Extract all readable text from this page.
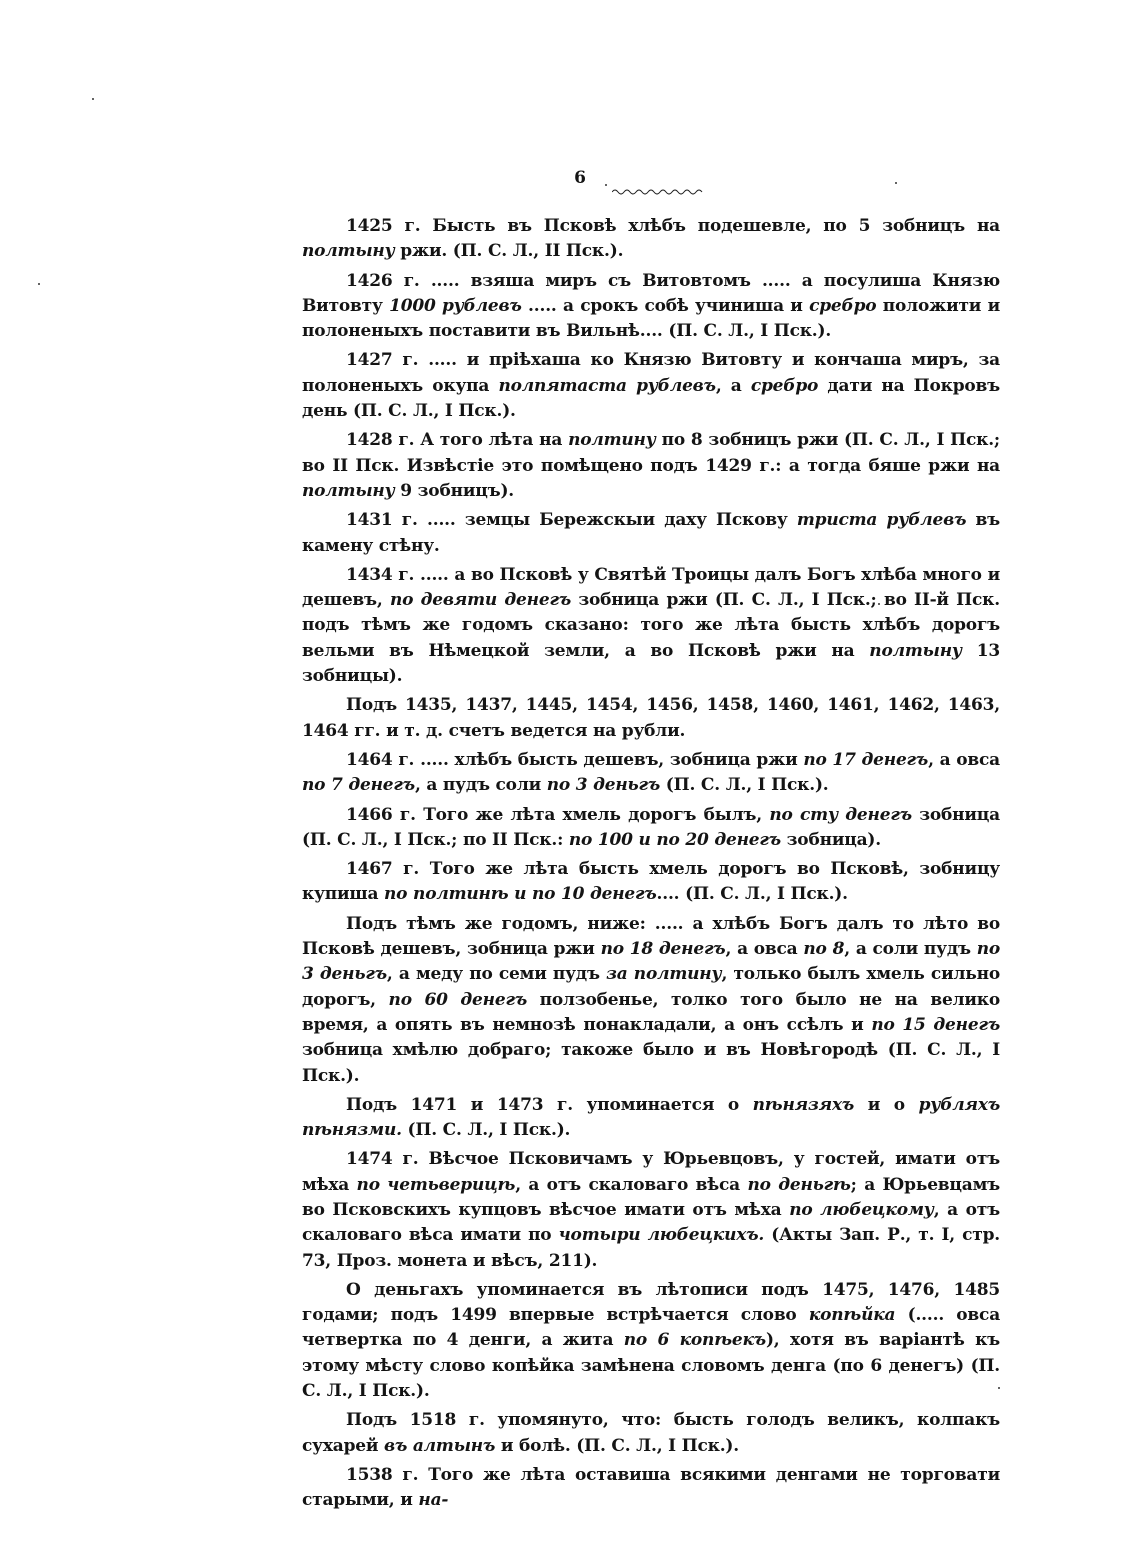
6

1425 г. Бысть въ Псковѣ хлѣбъ подешевле, по 5 зобницъ на полтыну ржи. (П. С. Л., II Пск.).

1426 г. ..... взяша миръ съ Витовтомъ ..... а посулиша Князю Витовту 1000 рублевъ ..... а срокъ собѣ учиниша и сребро положити и полоненыхъ поставити въ Вильнѣ.... (П. С. Л., I Пск.).

1427 г. ..... и пріѣхаша ко Князю Витовту и кончаша миръ, за полоненыхъ окупа полпятаста рублевъ, а сребро дати на Покровъ день (П. С. Л., I Пск.).

1428 г. А того лѣта на полтину по 8 зобницъ ржи (П. С. Л., I Пск.; во II Пск. Извѣстіе это помѣщено подъ 1429 г.: а тогда бяше ржи на полтыну 9 зобницъ).

1431 г. ..... земцы Бережскыи даху Пскову триста рублевъ въ камену стѣну.

1434 г. ..... а во Псковѣ у Святѣй Троицы далъ Богъ хлѣба много и дешевъ, по девяти денегъ зобница ржи (П. С. Л., I Пск.; во II-й Пск. подъ тѣмъ же годомъ сказано: того же лѣта бысть хлѣбъ дорогъ вельми въ Нѣмецкой земли, а во Псковѣ ржи на полтыну 13 зобницы).

Подъ 1435, 1437, 1445, 1454, 1456, 1458, 1460, 1461, 1462, 1463, 1464 гг. и т. д. счетъ ведется на рубли.

1464 г. ..... хлѣбъ бысть дешевъ, зобница ржи по 17 денегъ, а овса по 7 денегъ, а пудъ соли по 3 деньгъ (П. С. Л., I Пск.).

1466 г. Того же лѣта хмель дорогъ былъ, по сту денегъ зобница (П. С. Л., I Пск.; по II Пск.: по 100 и по 20 денегъ зобница).

1467 г. Того же лѣта бысть хмель дорогъ во Псковѣ, зобницу купиша по полтинѣ и по 10 денегъ.... (П. С. Л., I Пск.).

Подъ тѣмъ же годомъ, ниже: ..... а хлѣбъ Богъ далъ то лѣто во Псковѣ дешевъ, зобница ржи по 18 денегъ, а овса по 8, а соли пудъ по 3 деньгъ, а меду по семи пудъ за полтину, только былъ хмель сильно дорогъ, по 60 денегъ ползобенье, толко того было не на велико время, а опять въ немнозѣ понакладали, а онъ ссѣлъ и по 15 денегъ зобница хмѣлю добраго; такоже было и въ Новѣгородѣ (П. С. Л., I Пск.).

Подъ 1471 и 1473 г. упоминается о пѣнязяхъ и о рубляхъ пѣнязми. (П. С. Л., I Пск.).

1474 г. Вѣсчое Псковичамъ у Юрьевцовъ, у гостей, имати отъ мѣха по четьверицѣ, а отъ скаловаго вѣса по деньгѣ; а Юрьевцамъ во Псковскихъ купцовъ вѣсчое имати отъ мѣха по любецкому, а отъ скаловаго вѣса имати по чотыри любецкихъ. (Акты Зап. Р., т. I, стр. 73, Проз. монета и вѣсъ, 211).

О деньгахъ упоминается въ лѣтописи подъ 1475, 1476, 1485 годами; подъ 1499 впервые встрѣчается слово копѣйка (..... овса четвертка по 4 денги, а жита по 6 копѣекъ), хотя въ варіантѣ къ этому мѣсту слово копѣйка замѣнена словомъ денга (по 6 денегъ) (П. С. Л., I Пск.).

Подъ 1518 г. упомянуто, что: бысть голодъ великъ, колпакъ сухарей въ алтынъ и болѣ. (П. С. Л., I Пск.).

1538 г. Того же лѣта оставиша всякими денгами не торговати старыми, и на-
